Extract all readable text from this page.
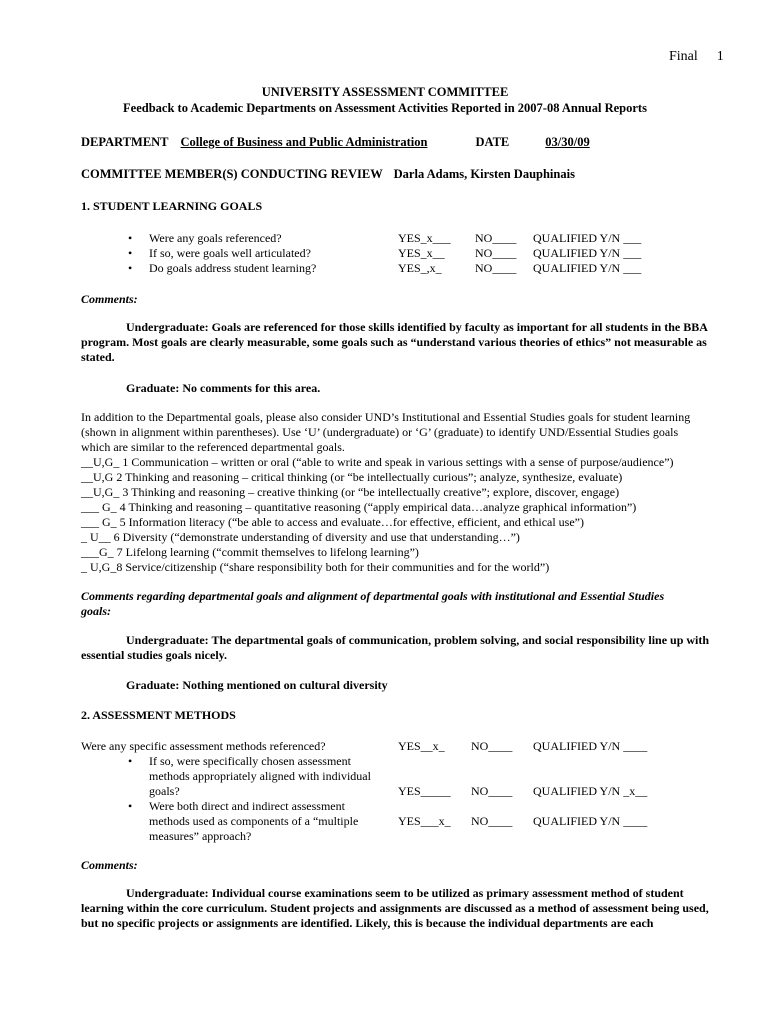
Final 1
UNIVERSITY ASSESSMENT COMMITTEE
Feedback to Academic Departments on Assessment Activities Reported in 2007-08 Annual Reports
DEPARTMENT College of Business and Public Administration	DATE	03/30/09
COMMITTEE MEMBER(S) CONDUCTING REVIEW Darla Adams, Kirsten Dauphinais
1. STUDENT LEARNING GOALS
• Were any goals referenced?	YES_x___ NO____ QUALIFIED Y/N ___
• If so, were goals well articulated?	YES_x__	NO____ QUALIFIED Y/N ___
• Do goals address student learning?	YES_,x_	NO____ QUALIFIED Y/N ___
Comments:
Undergraduate: Goals are referenced for those skills identified by faculty as important for all students in the BBA program. Most goals are clearly measurable, some goals such as “understand various theories of ethics” not measurable as stated.
Graduate: No comments for this area.
In addition to the Departmental goals, please also consider UND’s Institutional and Essential Studies goals for student learning
(shown in alignment within parentheses). Use ‘U’ (undergraduate) or ‘G’ (graduate) to identify UND/Essential Studies goals
which are similar to the referenced departmental goals.
__U,G_ 1 Communication – written or oral (“able to write and speak in various settings with a sense of purpose/audience”)
__U,G 2 Thinking and reasoning – critical thinking (or “be intellectually curious”; analyze, synthesize, evaluate)
__U,G_ 3 Thinking and reasoning – creative thinking (or “be intellectually creative”; explore, discover, engage)
___ G_ 4 Thinking and reasoning – quantitative reasoning (“apply empirical data…analyze graphical information”)
___ G_ 5 Information literacy (“be able to access and evaluate…for effective, efficient, and ethical use”)
_ U__ 6 Diversity (“demonstrate understanding of diversity and use that understanding…”)
___G_ 7 Lifelong learning (“commit themselves to lifelong learning”)
_ U,G_8 Service/citizenship (“share responsibility both for their communities and for the world”)
Comments regarding departmental goals and alignment of departmental goals with institutional and Essential Studies
goals:
Undergraduate: The departmental goals of communication, problem solving, and social responsibility line up with essential studies goals nicely.
Graduate: Nothing mentioned on cultural diversity
2. ASSESSMENT METHODS
Were any specific assessment methods referenced?	YES__x_ NO____ QUALIFIED Y/N ____
• If so, were specifically chosen assessment
methods appropriately aligned with individual
goals?	YES_____ NO____ QUALIFIED Y/N _x__
• Were both direct and indirect assessment
methods used as components of a “multiple
measures” approach?
YES___x_ NO____ QUALIFIED Y/N ____
Comments:
Undergraduate: Individual course examinations seem to be utilized as primary assessment method of student learning within the core curriculum. Student projects and assignments are discussed as a method of assessment being used, but no specific projects or assignments are identified. Likely, this is because the individual departments are each
